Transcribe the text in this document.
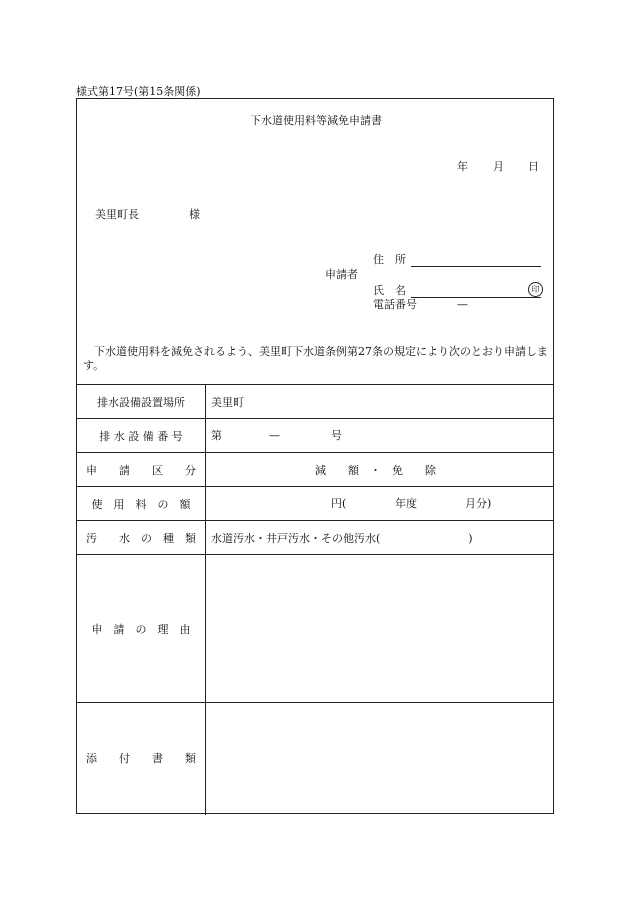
様式第17号(第15条関係)
下水道使用料等減免申請書
年 月 日
美里町長	様
申請者
住　所
氏　名	印
電話番号	—
　下水道使用料を減免されるよう、美里町下水道条例第27条の規定により次のとおり申請します。
排水設備設置場所	美里町
排 水 設 備 番 号	第	—	号
申　　請　　区　　分	減　　額　・　免　　除
使　用　料　の　額	円(	年度	月分)
汚　　水　の　種　類	水道汚水・井戸汚水・その他汚水(　　　　　　　　)
申　請　の　理　由
添　　付　　書　　類
